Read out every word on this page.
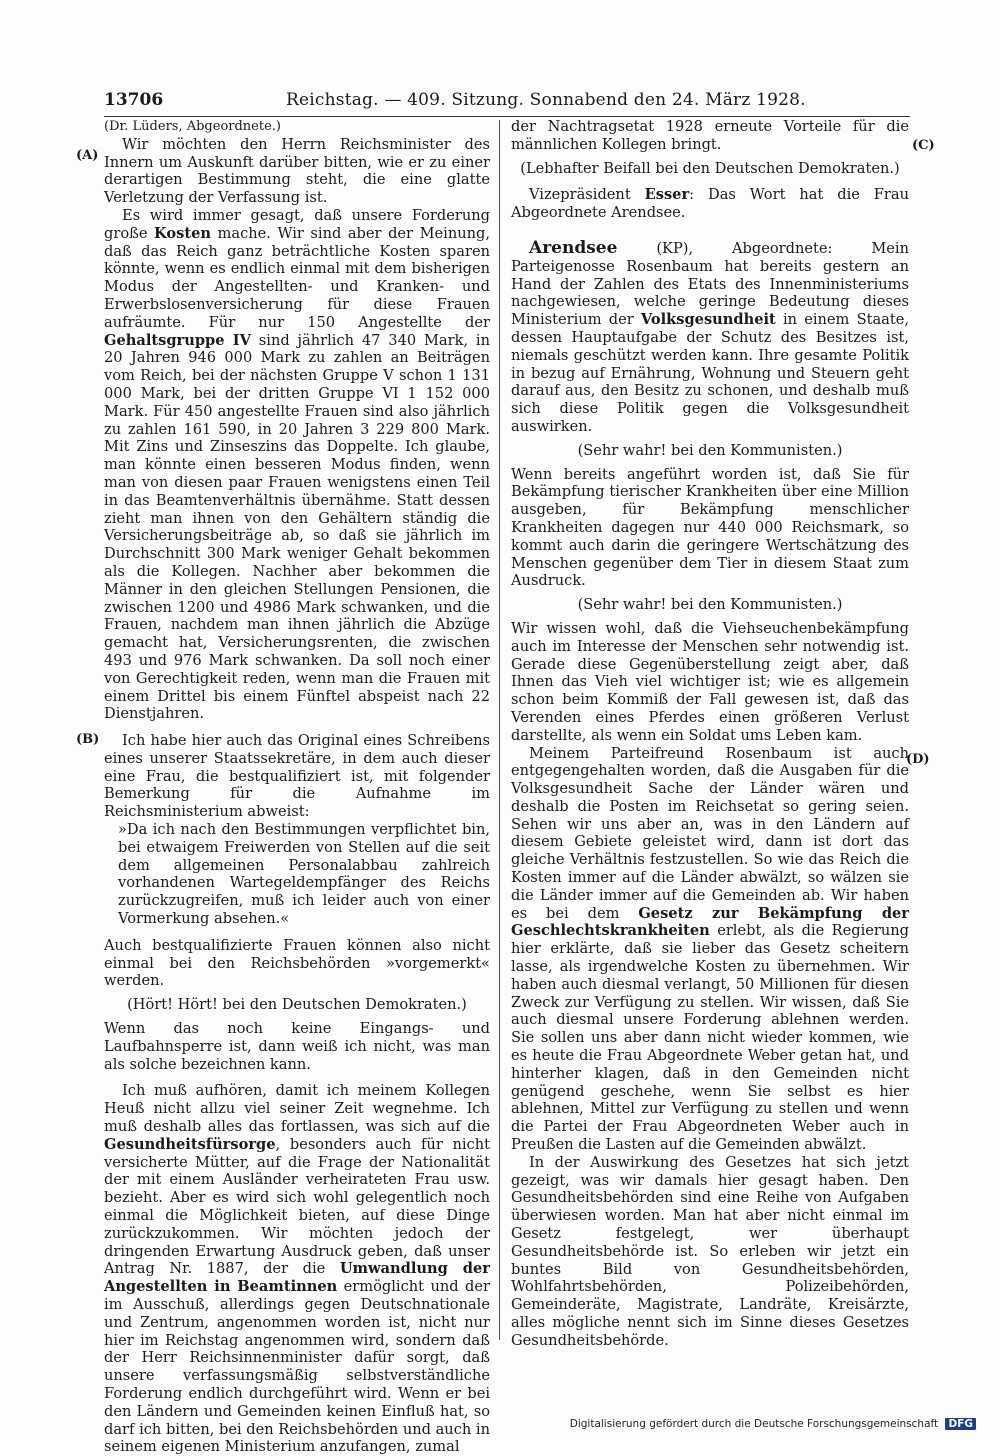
13706	Reichstag. — 409. Sitzung. Sonnabend den 24. März 1928.
(A)
(B)
(C)
(D)

(Dr. Lüders, Abgeordnete.)

Wir möchten den Herrn Reichsminister des Innern um Auskunft darüber bitten, wie er zu einer derartigen Bestimmung steht, die eine glatte Verletzung der Verfassung ist.

Es wird immer gesagt, daß unsere Forderung große Kosten mache. Wir sind aber der Meinung, daß das Reich ganz beträchtliche Kosten sparen könnte, wenn es endlich einmal mit dem bisherigen Modus der Angestellten- und Kranken- und Erwerbslosenversicherung für diese Frauen aufräumte. Für nur 150 Angestellte der Gehaltsgruppe IV sind jährlich 47 340 Mark, in 20 Jahren 946 000 Mark zu zahlen an Beiträgen vom Reich, bei der nächsten Gruppe V schon 1 131 000 Mark, bei der dritten Gruppe VI 1 152 000 Mark. Für 450 angestellte Frauen sind also jährlich zu zahlen 161 590, in 20 Jahren 3 229 800 Mark. Mit Zins und Zinseszins das Doppelte. Ich glaube, man könnte einen besseren Modus finden, wenn man von diesen paar Frauen wenigstens einen Teil in das Beamtenverhältnis übernähme. Statt dessen zieht man ihnen von den Gehältern ständig die Versicherungsbeiträge ab, so daß sie jährlich im Durchschnitt 300 Mark weniger Gehalt bekommen als die Kollegen. Nachher aber bekommen die Männer in den gleichen Stellungen Pensionen, die zwischen 1200 und 4986 Mark schwanken, und die Frauen, nachdem man ihnen jährlich die Abzüge gemacht hat, Versicherungsrenten, die zwischen 493 und 976 Mark schwanken. Da soll noch einer von Gerechtigkeit reden, wenn man die Frauen mit einem Drittel bis einem Fünftel abspeist nach 22 Dienstjahren.

Ich habe hier auch das Original eines Schreibens eines unserer Staatssekretäre, in dem auch dieser eine Frau, die bestqualifiziert ist, mit folgender Bemerkung für die Aufnahme im Reichsministerium abweist:

»Da ich nach den Bestimmungen verpflichtet bin, bei etwaigem Freiwerden von Stellen auf die seit dem allgemeinen Personalabbau zahlreich vorhandenen Wartegeldempfänger des Reichs zurückzugreifen, muß ich leider auch von einer Vormerkung absehen.«

Auch bestqualifizierte Frauen können also nicht einmal bei den Reichsbehörden »vorgemerkt« werden.

(Hört! Hört! bei den Deutschen Demokraten.)

Wenn das noch keine Eingangs- und Laufbahnsperre ist, dann weiß ich nicht, was man als solche bezeichnen kann.

Ich muß aufhören, damit ich meinem Kollegen Heuß nicht allzu viel seiner Zeit wegnehme. Ich muß deshalb alles das fortlassen, was sich auf die Gesundheitsfürsorge, besonders auch für nicht versicherte Mütter, auf die Frage der Nationalität der mit einem Ausländer verheirateten Frau usw. bezieht. Aber es wird sich wohl gelegentlich noch einmal die Möglichkeit bieten, auf diese Dinge zurückzukommen. Wir möchten jedoch der dringenden Erwartung Ausdruck geben, daß unser Antrag Nr. 1887, der die Umwandlung der Angestellten in Beamtinnen ermöglicht und der im Ausschuß, allerdings gegen Deutschnationale und Zentrum, angenommen worden ist, nicht nur hier im Reichstag angenommen wird, sondern daß der Herr Reichsinnenminister dafür sorgt, daß unsere verfassungsmäßig selbstverständliche Forderung endlich durchgeführt wird. Wenn er bei den Ländern und Gemeinden keinen Einfluß hat, so darf ich bitten, bei den Reichsbehörden und auch in seinem eigenen Ministerium anzufangen, zumal

der Nachtragsetat 1928 erneute Vorteile für die männlichen Kollegen bringt.

(Lebhafter Beifall bei den Deutschen Demokraten.)

Vizepräsident Esser: Das Wort hat die Frau Abgeordnete Arendsee.

Arendsee (KP), Abgeordnete: Mein Parteigenosse Rosenbaum hat bereits gestern an Hand der Zahlen des Etats des Innenministeriums nachgewiesen, welche geringe Bedeutung dieses Ministerium der Volksgesundheit in einem Staate, dessen Hauptaufgabe der Schutz des Besitzes ist, niemals geschützt werden kann. Ihre gesamte Politik in bezug auf Ernährung, Wohnung und Steuern geht darauf aus, den Besitz zu schonen, und deshalb muß sich diese Politik gegen die Volksgesundheit auswirken.

(Sehr wahr! bei den Kommunisten.)

Wenn bereits angeführt worden ist, daß Sie für Bekämpfung tierischer Krankheiten über eine Million ausgeben, für Bekämpfung menschlicher Krankheiten dagegen nur 440 000 Reichsmark, so kommt auch darin die geringere Wertschätzung des Menschen gegenüber dem Tier in diesem Staat zum Ausdruck.

(Sehr wahr! bei den Kommunisten.)

Wir wissen wohl, daß die Viehseuchenbekämpfung auch im Interesse der Menschen sehr notwendig ist. Gerade diese Gegenüberstellung zeigt aber, daß Ihnen das Vieh viel wichtiger ist; wie es allgemein schon beim Kommiß der Fall gewesen ist, daß das Verenden eines Pferdes einen größeren Verlust darstellte, als wenn ein Soldat ums Leben kam.

Meinem Parteifreund Rosenbaum ist auch entgegengehalten worden, daß die Ausgaben für die Volksgesundheit Sache der Länder wären und deshalb die Posten im Reichsetat so gering seien. Sehen wir uns aber an, was in den Ländern auf diesem Gebiete geleistet wird, dann ist dort das gleiche Verhältnis festzustellen. So wie das Reich die Kosten immer auf die Länder abwälzt, so wälzen sie die Länder immer auf die Gemeinden ab. Wir haben es bei dem Gesetz zur Bekämpfung der Geschlechtskrankheiten erlebt, als die Regierung hier erklärte, daß sie lieber das Gesetz scheitern lasse, als irgendwelche Kosten zu übernehmen. Wir haben auch diesmal verlangt, 50 Millionen für diesen Zweck zur Verfügung zu stellen. Wir wissen, daß Sie auch diesmal unsere Forderung ablehnen werden. Sie sollen uns aber dann nicht wieder kommen, wie es heute die Frau Abgeordnete Weber getan hat, und hinterher klagen, daß in den Gemeinden nicht genügend geschehe, wenn Sie selbst es hier ablehnen, Mittel zur Verfügung zu stellen und wenn die Partei der Frau Abgeordneten Weber auch in Preußen die Lasten auf die Gemeinden abwälzt.

In der Auswirkung des Gesetzes hat sich jetzt gezeigt, was wir damals hier gesagt haben. Den Gesundheitsbehörden sind eine Reihe von Aufgaben überwiesen worden. Man hat aber nicht einmal im Gesetz festgelegt, wer überhaupt Gesundheitsbehörde ist. So erleben wir jetzt ein buntes Bild von Gesundheitsbehörden, Wohlfahrtsbehörden, Polizeibehörden, Gemeinderäte, Magistrate, Landräte, Kreisärzte, alles mögliche nennt sich im Sinne dieses Gesetzes Gesundheitsbehörde.

Digitalisierung gefördert durch die Deutsche Forschungsgemeinschaft DFG
